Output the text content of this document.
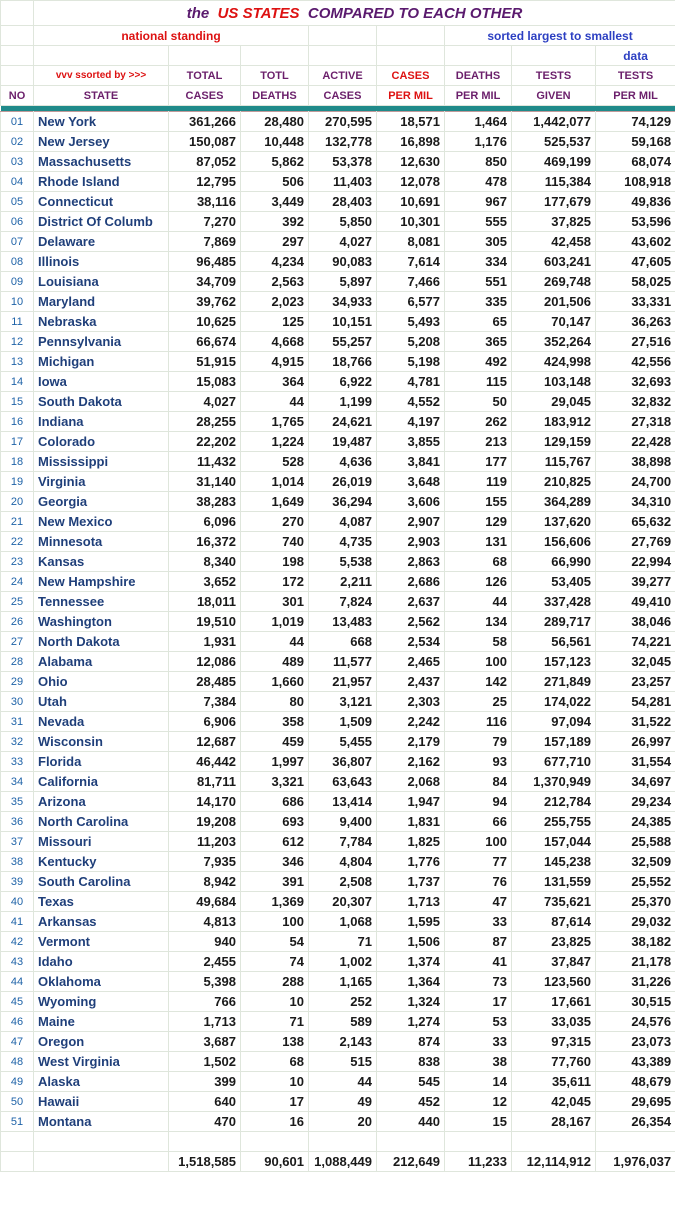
	the US STATES COMPARED TO EACH OTHER							
	national standing					sorted largest to smallest		
								data
	vvv ssorted by >>>	TOTAL	TOTL	ACTIVE	CASES	DEATHS	TESTS	TESTS
NO	STATE	CASES	DEATHS	CASES	PER MIL	PER MIL	GIVEN	PER MIL

01	New York	361,266	28,480	270,595	18,571	1,464	1,442,077	74,129
02	New Jersey	150,087	10,448	132,778	16,898	1,176	525,537	59,168
03	Massachusetts	87,052	5,862	53,378	12,630	850	469,199	68,074
04	Rhode Island	12,795	506	11,403	12,078	478	115,384	108,918
05	Connecticut	38,116	3,449	28,403	10,691	967	177,679	49,836
06	District Of Columb	7,270	392	5,850	10,301	555	37,825	53,596
07	Delaware	7,869	297	4,027	8,081	305	42,458	43,602
08	Illinois	96,485	4,234	90,083	7,614	334	603,241	47,605
09	Louisiana	34,709	2,563	5,897	7,466	551	269,748	58,025
10	Maryland	39,762	2,023	34,933	6,577	335	201,506	33,331
11	Nebraska	10,625	125	10,151	5,493	65	70,147	36,263
12	Pennsylvania	66,674	4,668	55,257	5,208	365	352,264	27,516
13	Michigan	51,915	4,915	18,766	5,198	492	424,998	42,556
14	Iowa	15,083	364	6,922	4,781	115	103,148	32,693
15	South Dakota	4,027	44	1,199	4,552	50	29,045	32,832
16	Indiana	28,255	1,765	24,621	4,197	262	183,912	27,318
17	Colorado	22,202	1,224	19,487	3,855	213	129,159	22,428
18	Mississippi	11,432	528	4,636	3,841	177	115,767	38,898
19	Virginia	31,140	1,014	26,019	3,648	119	210,825	24,700
20	Georgia	38,283	1,649	36,294	3,606	155	364,289	34,310
21	New Mexico	6,096	270	4,087	2,907	129	137,620	65,632
22	Minnesota	16,372	740	4,735	2,903	131	156,606	27,769
23	Kansas	8,340	198	5,538	2,863	68	66,990	22,994
24	New Hampshire	3,652	172	2,211	2,686	126	53,405	39,277
25	Tennessee	18,011	301	7,824	2,637	44	337,428	49,410
26	Washington	19,510	1,019	13,483	2,562	134	289,717	38,046
27	North Dakota	1,931	44	668	2,534	58	56,561	74,221
28	Alabama	12,086	489	11,577	2,465	100	157,123	32,045
29	Ohio	28,485	1,660	21,957	2,437	142	271,849	23,257
30	Utah	7,384	80	3,121	2,303	25	174,022	54,281
31	Nevada	6,906	358	1,509	2,242	116	97,094	31,522
32	Wisconsin	12,687	459	5,455	2,179	79	157,189	26,997
33	Florida	46,442	1,997	36,807	2,162	93	677,710	31,554
34	California	81,711	3,321	63,643	2,068	84	1,370,949	34,697
35	Arizona	14,170	686	13,414	1,947	94	212,784	29,234
36	North Carolina	19,208	693	9,400	1,831	66	255,755	24,385
37	Missouri	11,203	612	7,784	1,825	100	157,044	25,588
38	Kentucky	7,935	346	4,804	1,776	77	145,238	32,509
39	South Carolina	8,942	391	2,508	1,737	76	131,559	25,552
40	Texas	49,684	1,369	20,307	1,713	47	735,621	25,370
41	Arkansas	4,813	100	1,068	1,595	33	87,614	29,032
42	Vermont	940	54	71	1,506	87	23,825	38,182
43	Idaho	2,455	74	1,002	1,374	41	37,847	21,178
44	Oklahoma	5,398	288	1,165	1,364	73	123,560	31,226
45	Wyoming	766	10	252	1,324	17	17,661	30,515
46	Maine	1,713	71	589	1,274	53	33,035	24,576
47	Oregon	3,687	138	2,143	874	33	97,315	23,073
48	West Virginia	1,502	68	515	838	38	77,760	43,389
49	Alaska	399	10	44	545	14	35,611	48,679
50	Hawaii	640	17	49	452	12	42,045	29,695
51	Montana	470	16	20	440	15	28,167	26,354

		1,518,585	90,601	1,088,449	212,649	11,233	12,114,912	1,976,037
